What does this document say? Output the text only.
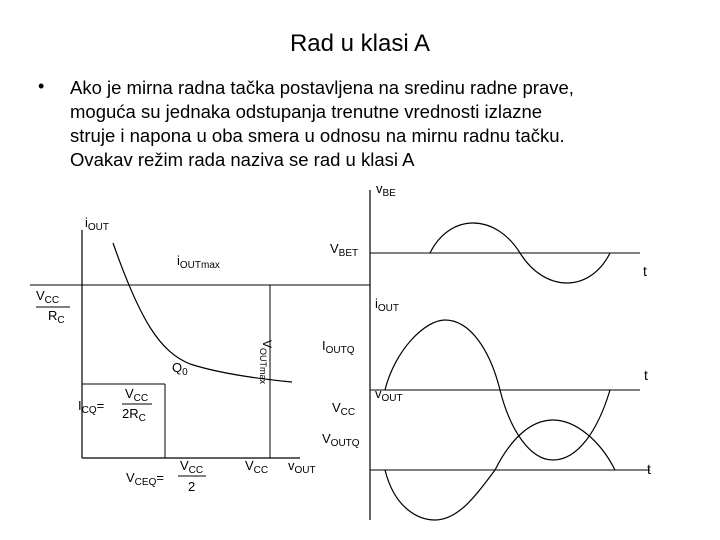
Rad u klasi A
• Ako je mirna radna tačka postavljena na sredinu radne prave,
moguća su jednaka odstupanja trenutne vrednosti izlazne
struje i napona u oba smera u odnosu na mirnu radnu tačku.
Ovakav režim rada naziva se rad u klasi A
$v_{BE}$
$V_{BET}$
t
$i_{OUT}$
$i_{OUTmax}$
$V_{CC}$
$R_C$
$i_{OUT}$
$V_{OUTmax}$
$I_{OUTQ}$
$Q_0$	t
$I_{CQ}=$
$V_{CC}$
$2R_C$
$V_{CC}$
$v_{OUT}$
$V_{OUTQ}$
$V_{CEQ}=$
$V_{CC}$
2
$V_{CC}$ $v_{OUT}$	t
